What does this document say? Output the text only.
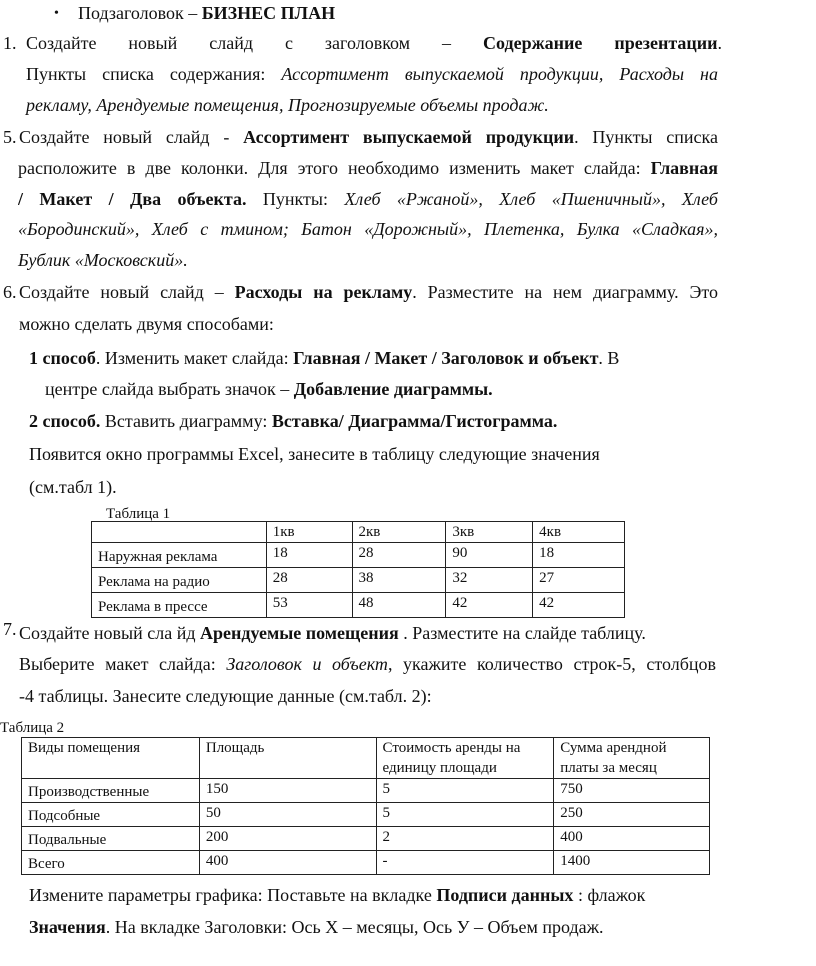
• Подзаголовок – БИЗНЕС ПЛАН
1. Создайте новый слайд с заголовком – Содержание презентации.
Пункты списка содержания: Ассортимент выпускаемой продукции, Расходы на
рекламу, Арендуемые помещения, Прогнозируемые объемы продаж.
5. Создайте новый слайд - Ассортимент выпускаемой продукции. Пункты списка
расположите в две колонки. Для этого необходимо изменить макет слайда: Главная
/ Макет / Два объекта. Пункты: Хлеб «Ржаной», Хлеб «Пшеничный», Хлеб
«Бородинский», Хлеб с тмином; Батон «Дорожный», Плетенка, Булка «Сладкая»,
Бублик «Московский».
6. Создайте новый слайд – Расходы на рекламу. Разместите на нем диаграмму. Это
можно сделать двумя способами:
1 способ. Изменить макет слайда: Главная / Макет / Заголовок и объект. В
центре слайда выбрать значок – Добавление диаграммы.
2 способ. Вставить диаграмму: Вставка/ Диаграмма/Гистограмма.
Появится окно программы Excel, занесите в таблицу следующие значения
(см.табл 1).
Таблица 1
	1кв	2кв	3кв	4кв
Наружная реклама	18	28	90	18
Реклама на радио	28	38	32	27
Реклама в прессе	53	48	42	42
7. Создайте новый сла йд Арендуемые помещения . Разместите на слайде таблицу.
Выберите макет слайда: Заголовок и объект, укажите количество строк-5, столбцов
-4 таблицы. Занесите следующие данные (см.табл. 2):
Таблица 2
Виды помещения	Площадь	Стоимость аренды на единицу площади	Сумма арендной платы за месяц
Производственные	150	5	750
Подсобные	50	5	250
Подвальные	200	2	400
Всего	400	-	1400
Измените параметры графика: Поставьте на вкладке Подписи данных : флажок
Значения. На вкладке Заголовки: Ось Х – месяцы, Ось У – Объем продаж.
